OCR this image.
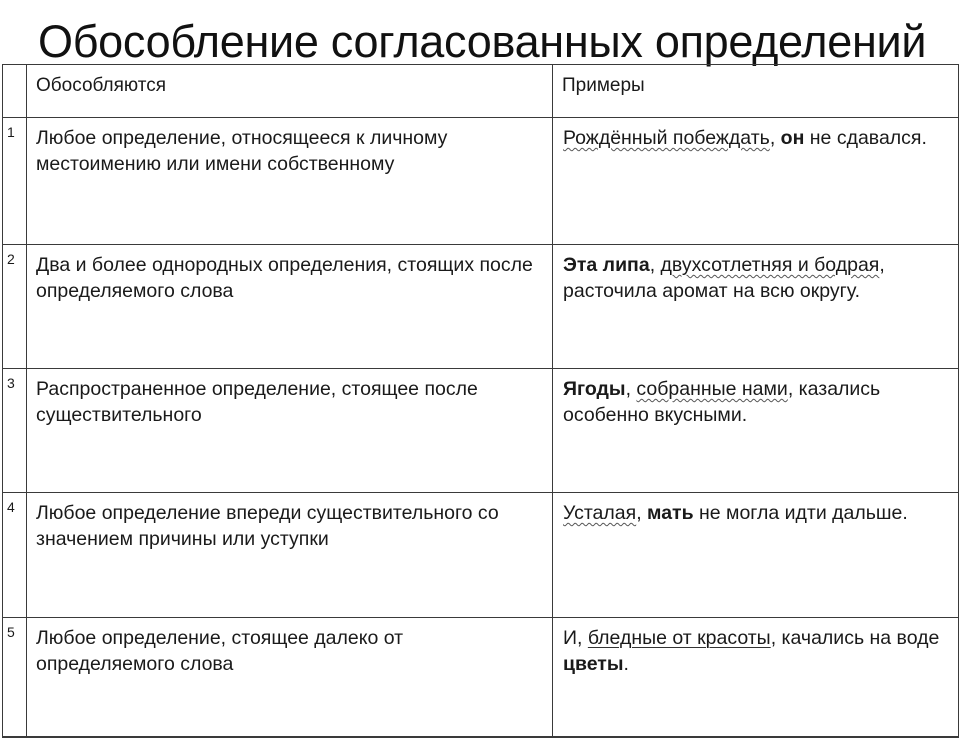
Обособление согласованных определений
	Обособляются	Примеры
1	Любое определение, относящееся к личному местоимению или имени собственному	Рождённый побеждать, он не сдавался.
2	Два и более однородных определения, стоящих после определяемого слова	Эта липа, двухсотлетняя и бодрая, расточила аромат на всю округу.
3	Распространенное определение, стоящее после существительного	Ягоды, собранные нами, казались особенно вкусными.
4	Любое определение впереди существительного со значением причины или уступки	Усталая, мать не могла идти дальше.
5	Любое определение, стоящее далеко от определяемого слова	И, бледные от красоты, качались на воде цветы.
